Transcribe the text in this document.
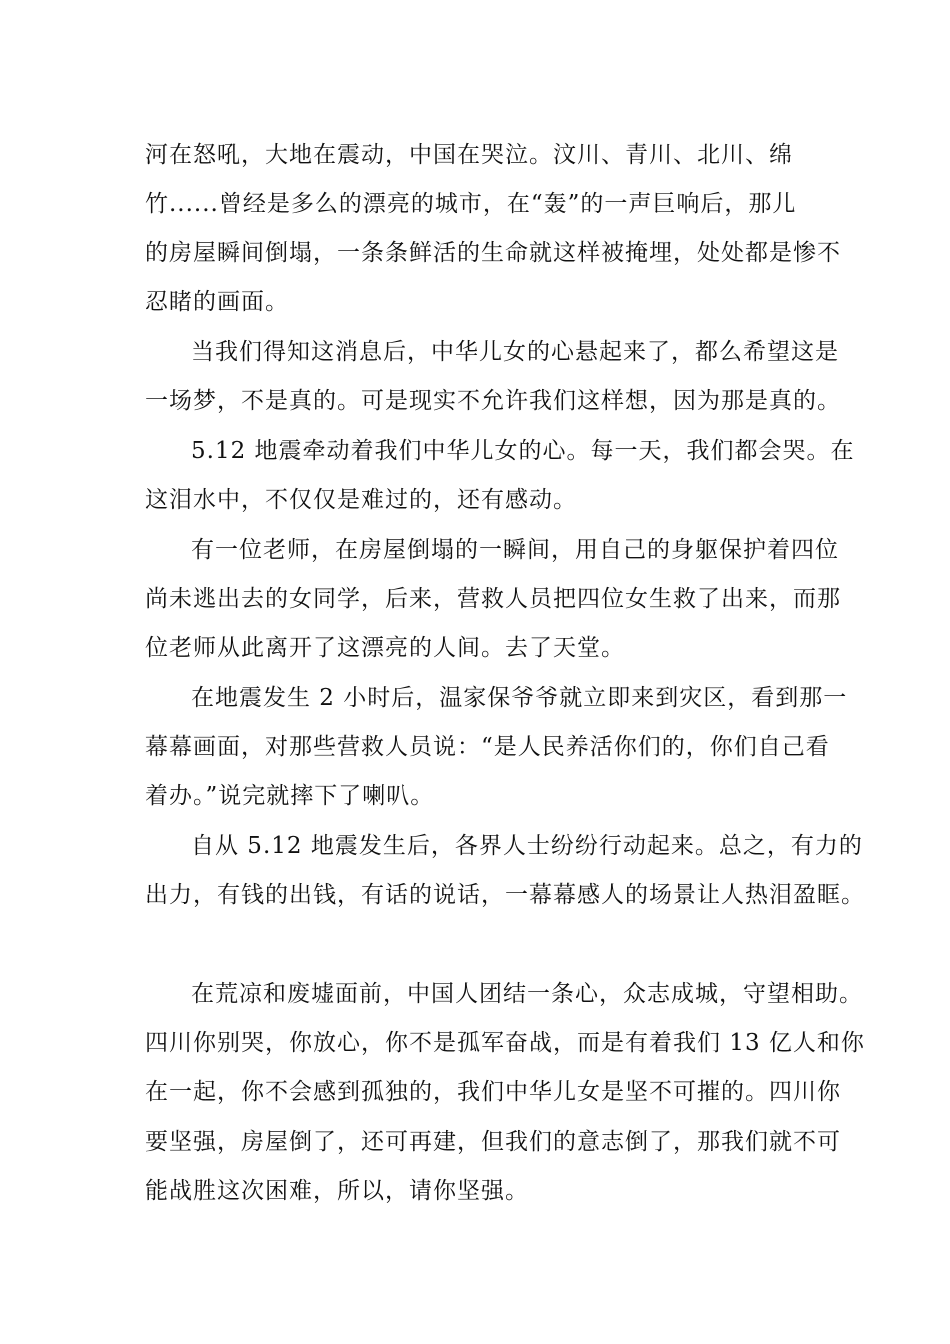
河在怒吼，大地在震动，中国在哭泣。汶川、青川、北川、绵
竹......曾经是多么的漂亮的城市，在“轰”的一声巨响后，那儿
的房屋瞬间倒塌，一条条鲜活的生命就这样被掩埋，处处都是惨不
忍睹的画面。
当我们得知这消息后，中华儿女的心悬起来了，都么希望这是
一场梦，不是真的。可是现实不允许我们这样想，因为那是真的。
5.12 地震牵动着我们中华儿女的心。每一天，我们都会哭。在
这泪水中，不仅仅是难过的，还有感动。
有一位老师，在房屋倒塌的一瞬间，用自己的身躯保护着四位
尚未逃出去的女同学，后来，营救人员把四位女生救了出来，而那
位老师从此离开了这漂亮的人间。去了天堂。
在地震发生 2 小时后，温家保爷爷就立即来到灾区，看到那一
幕幕画面，对那些营救人员说：“是人民养活你们的，你们自己看
着办。”说完就摔下了喇叭。
自从 5.12 地震发生后，各界人士纷纷行动起来。总之，有力的
出力，有钱的出钱，有话的说话，一幕幕感人的场景让人热泪盈眶。
在荒凉和废墟面前，中国人团结一条心，众志成城，守望相助。
四川你别哭，你放心，你不是孤军奋战，而是有着我们 13 亿人和你
在一起，你不会感到孤独的，我们中华儿女是坚不可摧的。四川你
要坚强，房屋倒了，还可再建，但我们的意志倒了，那我们就不可
能战胜这次困难，所以，请你坚强。
